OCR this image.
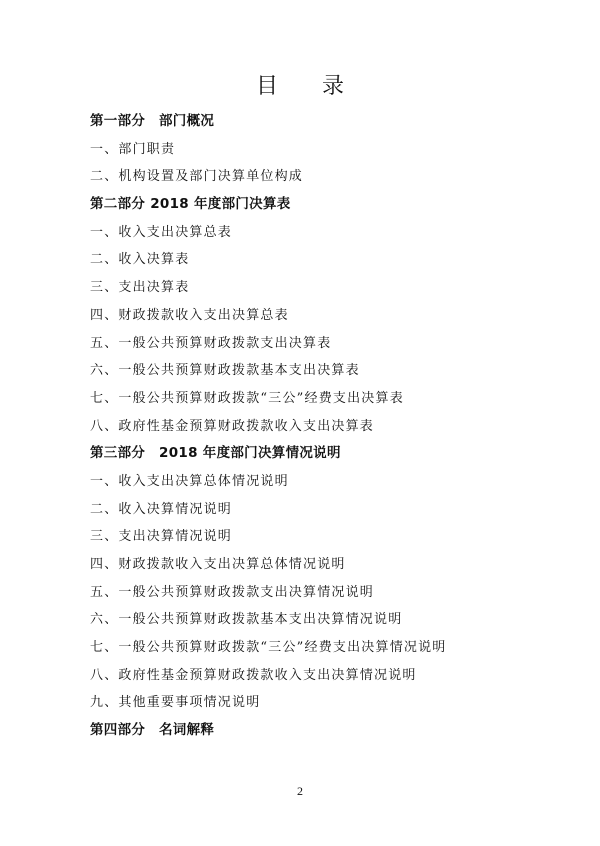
目　　录
第一部分　部门概况
一、部门职责
二、机构设置及部门决算单位构成
第二部分 2018 年度部门决算表
一、收入支出决算总表
二、收入决算表
三、支出决算表
四、财政拨款收入支出决算总表
五、一般公共预算财政拨款支出决算表
六、一般公共预算财政拨款基本支出决算表
七、一般公共预算财政拨款“三公”经费支出决算表
八、政府性基金预算财政拨款收入支出决算表
第三部分　2018 年度部门决算情况说明
一、收入支出决算总体情况说明
二、收入决算情况说明
三、支出决算情况说明
四、财政拨款收入支出决算总体情况说明
五、一般公共预算财政拨款支出决算情况说明
六、一般公共预算财政拨款基本支出决算情况说明
七、一般公共预算财政拨款“三公”经费支出决算情况说明
八、政府性基金预算财政拨款收入支出决算情况说明
九、其他重要事项情况说明
第四部分　名词解释
2
